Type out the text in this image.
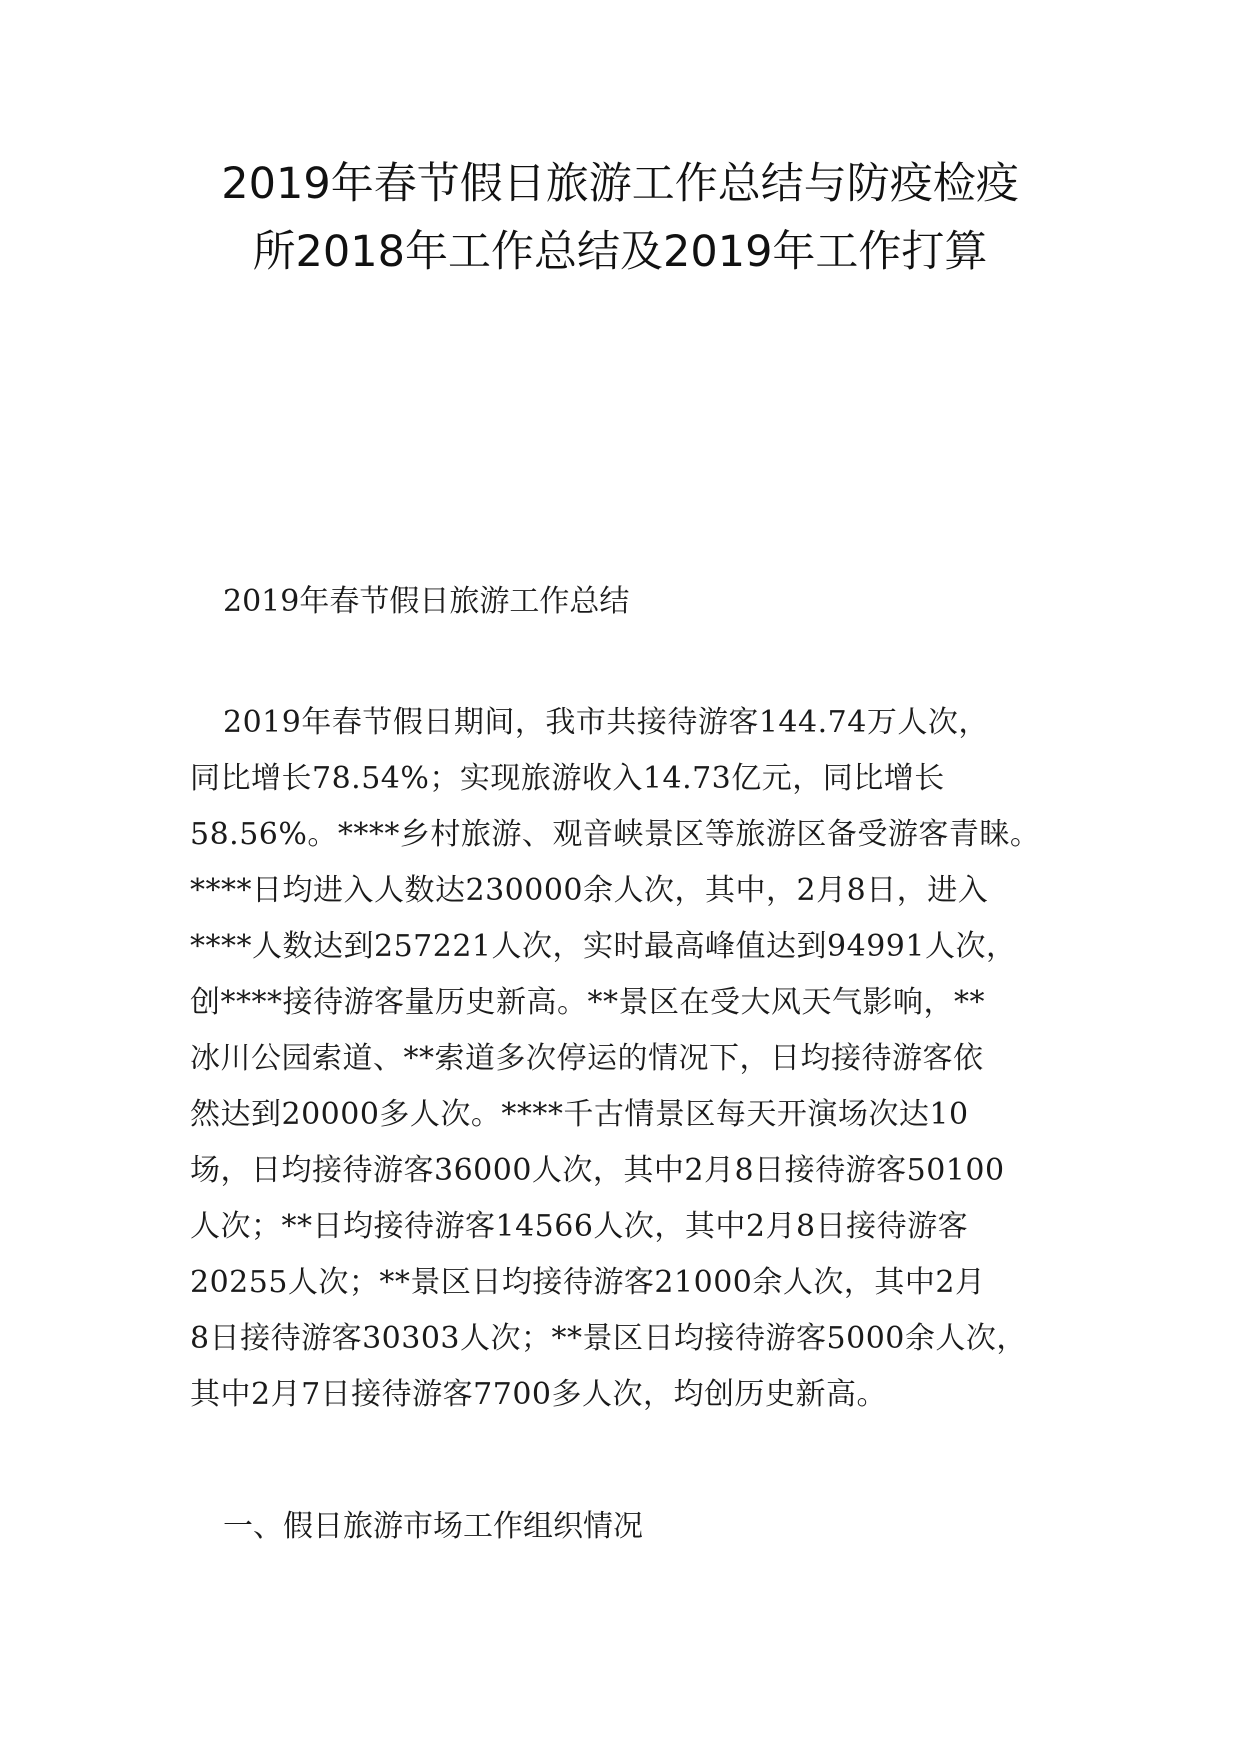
2019年春节假日旅游工作总结与防疫检疫
所2018年工作总结及2019年工作打算
2019年春节假日旅游工作总结
2019年春节假日期间，我市共接待游客144.74万人次，
同比增长78.54%；实现旅游收入14.73亿元，同比增长
58.56%。****乡村旅游、观音峡景区等旅游区备受游客青睐。
****日均进入人数达230000余人次，其中，2月8日，进入
****人数达到257221人次，实时最高峰值达到94991人次，
创****接待游客量历史新高。**景区在受大风天气影响，**
冰川公园索道、**索道多次停运的情况下，日均接待游客依
然达到20000多人次。****千古情景区每天开演场次达10
场，日均接待游客36000人次，其中2月8日接待游客50100
人次；**日均接待游客14566人次，其中2月8日接待游客
20255人次；**景区日均接待游客21000余人次，其中2月
8日接待游客30303人次；**景区日均接待游客5000余人次，
其中2月7日接待游客7700多人次，均创历史新高。
一、假日旅游市场工作组织情况
